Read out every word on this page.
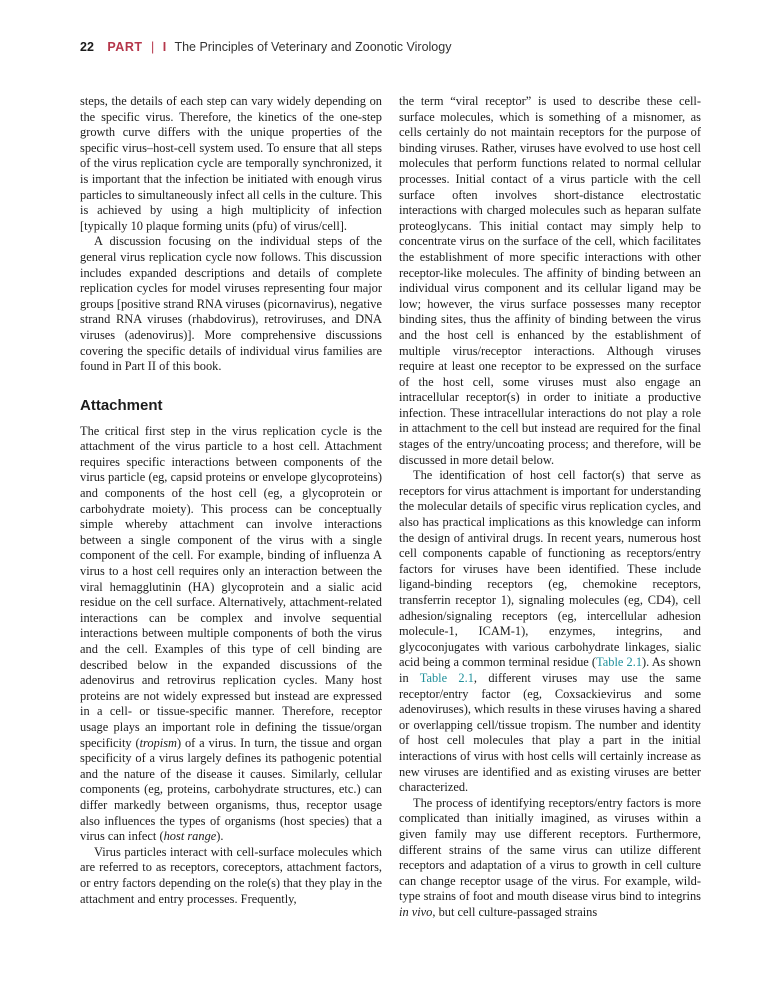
22 PART | I The Principles of Veterinary and Zoonotic Virology

steps, the details of each step can vary widely depending on the specific virus. Therefore, the kinetics of the one-step growth curve differs with the unique properties of the specific virus–host-cell system used. To ensure that all steps of the virus replication cycle are temporally synchronized, it is important that the infection be initiated with enough virus particles to simultaneously infect all cells in the culture. This is achieved by using a high multiplicity of infection [typically 10 plaque forming units (pfu) of virus/cell].

A discussion focusing on the individual steps of the general virus replication cycle now follows. This discussion includes expanded descriptions and details of complete replication cycles for model viruses representing four major groups [positive strand RNA viruses (picornavirus), negative strand RNA viruses (rhabdovirus), retroviruses, and DNA viruses (adenovirus)]. More comprehensive discussions covering the specific details of individual virus families are found in Part II of this book.

Attachment

The critical first step in the virus replication cycle is the attachment of the virus particle to a host cell. Attachment requires specific interactions between components of the virus particle (eg, capsid proteins or envelope glycoproteins) and components of the host cell (eg, a glycoprotein or carbohydrate moiety). This process can be conceptually simple whereby attachment can involve interactions between a single component of the virus with a single component of the cell. For example, binding of influenza A virus to a host cell requires only an interaction between the viral hemagglutinin (HA) glycoprotein and a sialic acid residue on the cell surface. Alternatively, attachment-related interactions can be complex and involve sequential interactions between multiple components of both the virus and the cell. Examples of this type of cell binding are described below in the expanded discussions of the adenovirus and retrovirus replication cycles. Many host proteins are not widely expressed but instead are expressed in a cell- or tissue-specific manner. Therefore, receptor usage plays an important role in defining the tissue/organ specificity (tropism) of a virus. In turn, the tissue and organ specificity of a virus largely defines its pathogenic potential and the nature of the disease it causes. Similarly, cellular components (eg, proteins, carbohydrate structures, etc.) can differ markedly between organisms, thus, receptor usage also influences the types of organisms (host species) that a virus can infect (host range).

Virus particles interact with cell-surface molecules which are referred to as receptors, coreceptors, attachment factors, or entry factors depending on the role(s) that they play in the attachment and entry processes. Frequently,

the term “viral receptor” is used to describe these cell-surface molecules, which is something of a misnomer, as cells certainly do not maintain receptors for the purpose of binding viruses. Rather, viruses have evolved to use host cell molecules that perform functions related to normal cellular processes. Initial contact of a virus particle with the cell surface often involves short-distance electrostatic interactions with charged molecules such as heparan sulfate proteoglycans. This initial contact may simply help to concentrate virus on the surface of the cell, which facilitates the establishment of more specific interactions with other receptor-like molecules. The affinity of binding between an individual virus component and its cellular ligand may be low; however, the virus surface possesses many receptor binding sites, thus the affinity of binding between the virus and the host cell is enhanced by the establishment of multiple virus/receptor interactions. Although viruses require at least one receptor to be expressed on the surface of the host cell, some viruses must also engage an intracellular receptor(s) in order to initiate a productive infection. These intracellular interactions do not play a role in attachment to the cell but instead are required for the final stages of the entry/uncoating process; and therefore, will be discussed in more detail below.

The identification of host cell factor(s) that serve as receptors for virus attachment is important for understanding the molecular details of specific virus replication cycles, and also has practical implications as this knowledge can inform the design of antiviral drugs. In recent years, numerous host cell components capable of functioning as receptors/entry factors for viruses have been identified. These include ligand-binding receptors (eg, chemokine receptors, transferrin receptor 1), signaling molecules (eg, CD4), cell adhesion/signaling receptors (eg, intercellular adhesion molecule-1, ICAM-1), enzymes, integrins, and glycoconjugates with various carbohydrate linkages, sialic acid being a common terminal residue (Table 2.1). As shown in Table 2.1, different viruses may use the same receptor/entry factor (eg, Coxsackievirus and some adenoviruses), which results in these viruses having a shared or overlapping cell/tissue tropism. The number and identity of host cell molecules that play a part in the initial interactions of virus with host cells will certainly increase as new viruses are identified and as existing viruses are better characterized.

The process of identifying receptors/entry factors is more complicated than initially imagined, as viruses within a given family may use different receptors. Furthermore, different strains of the same virus can utilize different receptors and adaptation of a virus to growth in cell culture can change receptor usage of the virus. For example, wild-type strains of foot and mouth disease virus bind to integrins in vivo, but cell culture-passaged strains
